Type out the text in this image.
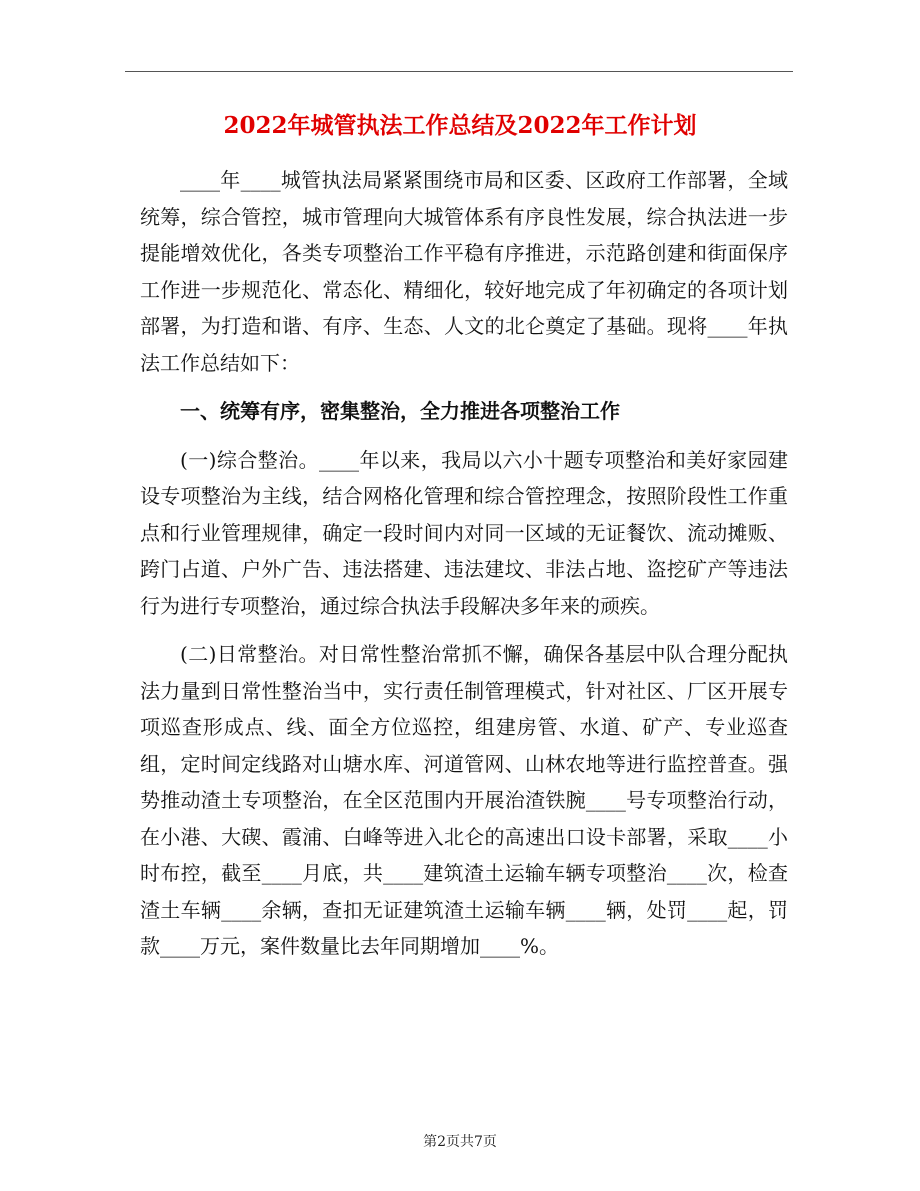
2022年城管执法工作总结及2022年工作计划

____年____城管执法局紧紧围绕市局和区委、区政府工作部署，全域统筹，综合管控，城市管理向大城管体系有序良性发展，综合执法进一步提能增效优化，各类专项整治工作平稳有序推进，示范路创建和街面保序工作进一步规范化、常态化、精细化，较好地完成了年初确定的各项计划部署，为打造和谐、有序、生态、人文的北仑奠定了基础。现将____年执法工作总结如下：

一、统筹有序，密集整治，全力推进各项整治工作

(一)综合整治。____年以来，我局以六小十题专项整治和美好家园建设专项整治为主线，结合网格化管理和综合管控理念，按照阶段性工作重点和行业管理规律，确定一段时间内对同一区域的无证餐饮、流动摊贩、跨门占道、户外广告、违法搭建、违法建坟、非法占地、盗挖矿产等违法行为进行专项整治，通过综合执法手段解决多年来的顽疾。

(二)日常整治。对日常性整治常抓不懈，确保各基层中队合理分配执法力量到日常性整治当中，实行责任制管理模式，针对社区、厂区开展专项巡查形成点、线、面全方位巡控，组建房管、水道、矿产、专业巡查组，定时间定线路对山塘水库、河道管网、山林农地等进行监控普查。强势推动渣土专项整治，在全区范围内开展治渣铁腕____号专项整治行动，在小港、大碶、霞浦、白峰等进入北仑的高速出口设卡部署，采取____小时布控，截至____月底，共____建筑渣土运输车辆专项整治____次，检查渣土车辆____余辆，查扣无证建筑渣土运输车辆____辆，处罚____起，罚款____万元，案件数量比去年同期增加____%。

第2页共7页
